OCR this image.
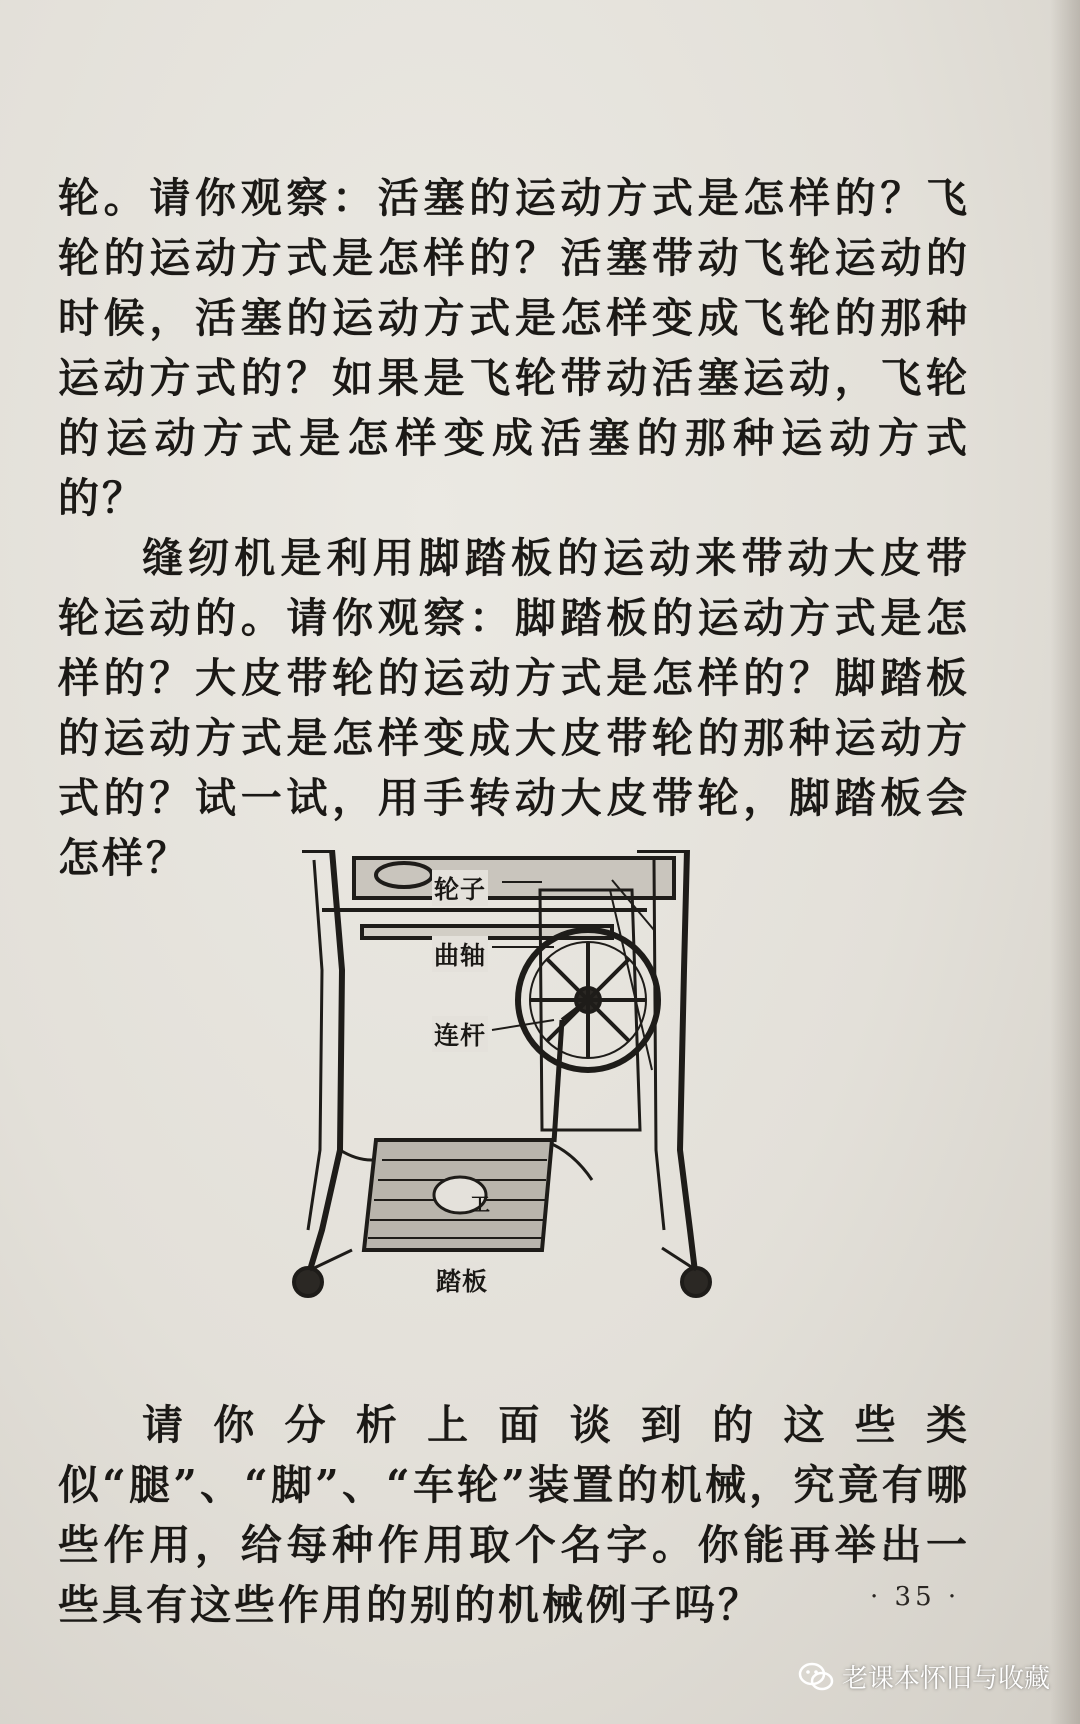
轮。请你观察：活塞的运动方式是怎样的？飞轮的运动方式是怎样的？活塞带动飞轮运动的时候，活塞的运动方式是怎样变成飞轮的那种运动方式的？如果是飞轮带动活塞运动，飞轮的运动方式是怎样变成活塞的那种运动方式的？

缝纫机是利用脚踏板的运动来带动大皮带轮运动的。请你观察：脚踏板的运动方式是怎样的？大皮带轮的运动方式是怎样的？脚踏板的运动方式是怎样变成大皮带轮的那种运动方式的？试一试，用手转动大皮带轮，脚踏板会怎样？

轮子
曲轴
连杆
工
踏板

请你分析上面谈到的这些类似“腿”、“脚”、“车轮”装置的机械，究竟有哪些作用，给每种作用取个名字。你能再举出一些具有这些作用的别的机械例子吗？	· 35 ·
老课本怀旧与收藏
